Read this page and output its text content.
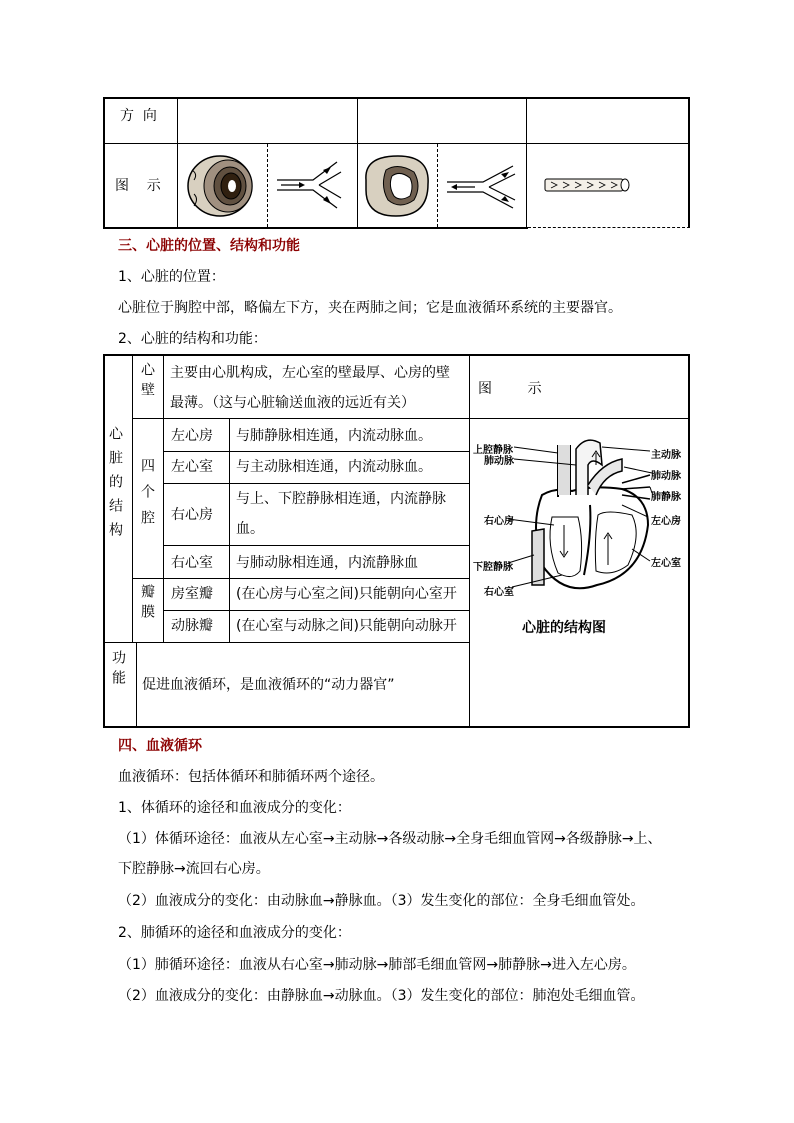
方  向
图    示
三、心脏的位置、结构和功能
1、心脏的位置：
心脏位于胸腔中部，略偏左下方，夹在两肺之间；它是血液循环系统的主要器官。
2、心脏的结构和功能：
心脏的结构
心壁 主要由心肌构成，左心室的壁最厚、心房的壁
最薄。（这与心脏输送血液的远近有关）
图        示
四个腔
左心房 与肺静脉相连通，内流动脉血。
左心室 与主动脉相连通，内流动脉血。
右心房
与上、下腔静脉相连通，内流静脉
血。
右心室 与肺动脉相连通，内流静脉血
瓣膜 房室瓣 (在心房与心室之间)只能朝向心室开
动脉瓣 (在心室与动脉之间)只能朝向动脉开
功能 促进血液循环，是血液循环的“动力器官”
上腔静脉
肺动脉
主动脉
肺动脉
肺静脉
右心房	左心房
下腔静脉	左心室
右心室
心脏的结构图
四、血液循环
血液循环：包括体循环和肺循环两个途径。
1、体循环的途径和血液成分的变化：
（1）体循环途径：血液从左心室→主动脉→各级动脉→全身毛细血管网→各级静脉→上、
下腔静脉→流回右心房。
（2）血液成分的变化：由动脉血→静脉血。（3）发生变化的部位：全身毛细血管处。
2、肺循环的途径和血液成分的变化：
（1）肺循环途径：血液从右心室→肺动脉→肺部毛细血管网→肺静脉→进入左心房。
（2）血液成分的变化：由静脉血→动脉血。（3）发生变化的部位：肺泡处毛细血管。
